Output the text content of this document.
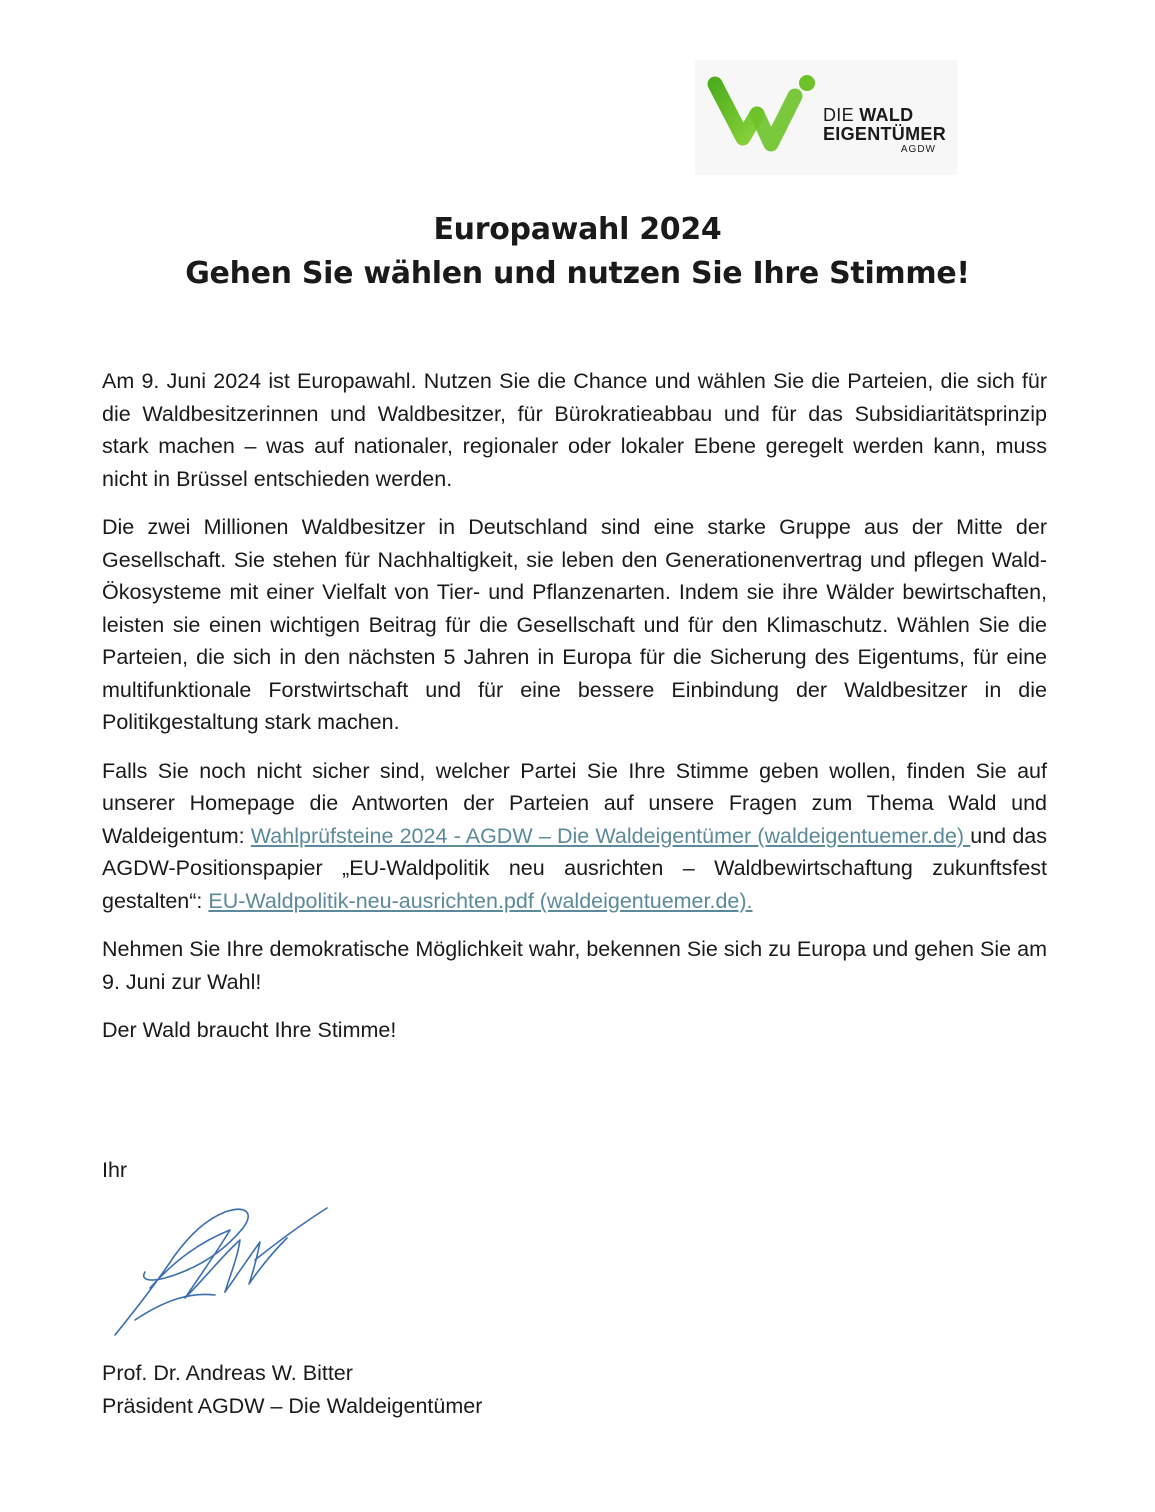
DIE WALD
EIGENTÜMER
AGDW
Europawahl 2024
Gehen Sie wählen und nutzen Sie Ihre Stimme!

Am 9. Juni 2024 ist Europawahl. Nutzen Sie die Chance und wählen Sie die Parteien, die sich für die Waldbesitzerinnen und Waldbesitzer, für Bürokratieabbau und für das Subsidiaritätsprinzip stark machen – was auf nationaler, regionaler oder lokaler Ebene geregelt werden kann, muss nicht in Brüssel entschieden werden.

Die zwei Millionen Waldbesitzer in Deutschland sind eine starke Gruppe aus der Mitte der Gesellschaft. Sie stehen für Nachhaltigkeit, sie leben den Generationenvertrag und pflegen Wald-Ökosysteme mit einer Vielfalt von Tier- und Pflanzenarten. Indem sie ihre Wälder bewirtschaften, leisten sie einen wichtigen Beitrag für die Gesellschaft und für den Klimaschutz. Wählen Sie die Parteien, die sich in den nächsten 5 Jahren in Europa für die Sicherung des Eigentums, für eine multifunktionale Forstwirtschaft und für eine bessere Einbindung der Waldbesitzer in die Politikgestaltung stark machen.

Falls Sie noch nicht sicher sind, welcher Partei Sie Ihre Stimme geben wollen, finden Sie auf unserer Homepage die Antworten der Parteien auf unsere Fragen zum Thema Wald und Waldeigentum: Wahlprüfsteine 2024 - AGDW – Die Waldeigentümer (waldeigentuemer.de) und das AGDW-Positionspapier „EU-Waldpolitik neu ausrichten – Waldbewirtschaftung zukunftsfest gestalten“: EU-Waldpolitik-neu-ausrichten.pdf (waldeigentuemer.de).

Nehmen Sie Ihre demokratische Möglichkeit wahr, bekennen Sie sich zu Europa und gehen Sie am 9. Juni zur Wahl!

Der Wald braucht Ihre Stimme!

Ihr
Prof. Dr. Andreas W. Bitter
Präsident AGDW – Die Waldeigentümer
